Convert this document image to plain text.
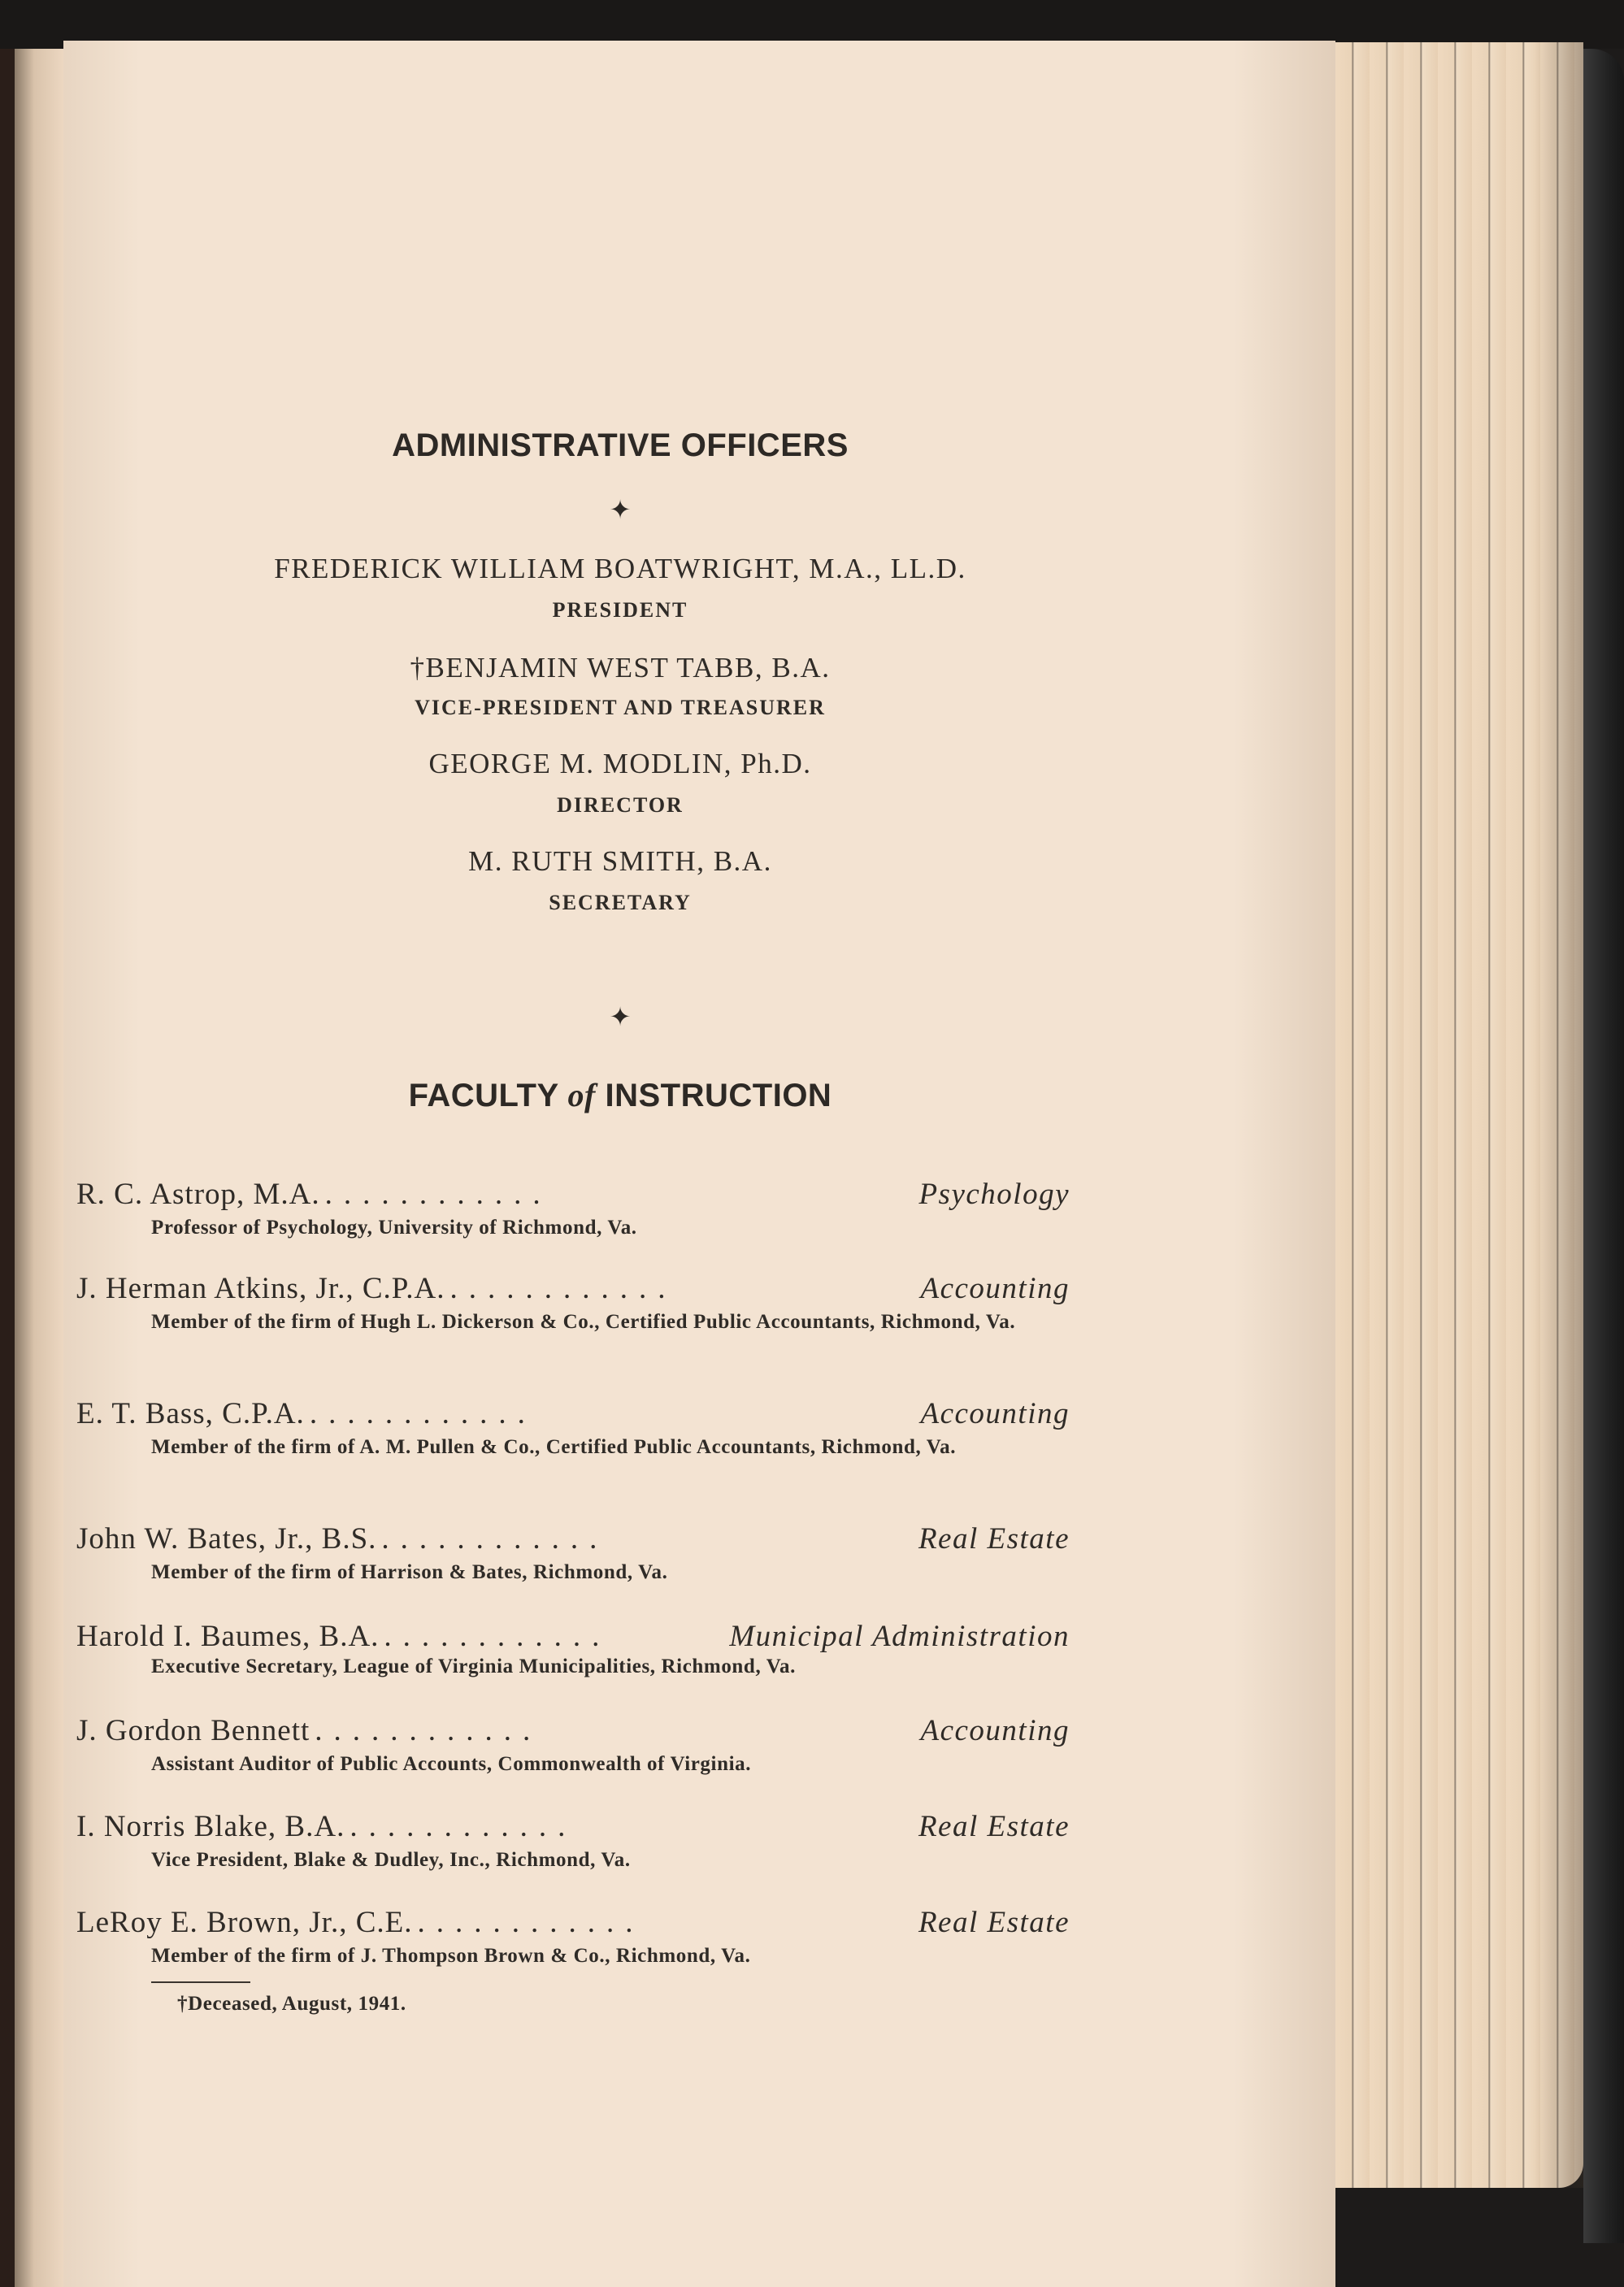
ADMINISTRATIVE OFFICERS
✦
FREDERICK WILLIAM BOATWRIGHT, M.A., LL.D.
PRESIDENT
†BENJAMIN WEST TABB, B.A.
VICE-PRESIDENT AND TREASURER
GEORGE M. MODLIN, Ph.D.
DIRECTOR
M. RUTH SMITH, B.A.
SECRETARY
✦
FACULTY of INSTRUCTION
R. C. Astrop, M.A. ............	Psychology
Professor of Psychology, University of Richmond, Va.
J. Herman Atkins, Jr., C.P.A. ............	Accounting
Member of the firm of Hugh L. Dickerson & Co., Certified Public Accountants, Richmond, Va.
E. T. Bass, C.P.A. ............	Accounting
Member of the firm of A. M. Pullen & Co., Certified Public Accountants, Richmond, Va.
John W. Bates, Jr., B.S. ............	Real Estate
Member of the firm of Harrison & Bates, Richmond, Va.
Harold I. Baumes, B.A. ............	Municipal Administration
Executive Secretary, League of Virginia Municipalities, Richmond, Va.
J. Gordon Bennett ............	Accounting
Assistant Auditor of Public Accounts, Commonwealth of Virginia.
I. Norris Blake, B.A. ............	Real Estate
Vice President, Blake & Dudley, Inc., Richmond, Va.
LeRoy E. Brown, Jr., C.E. ............	Real Estate
Member of the firm of J. Thompson Brown & Co., Richmond, Va.
†Deceased, August, 1941.
